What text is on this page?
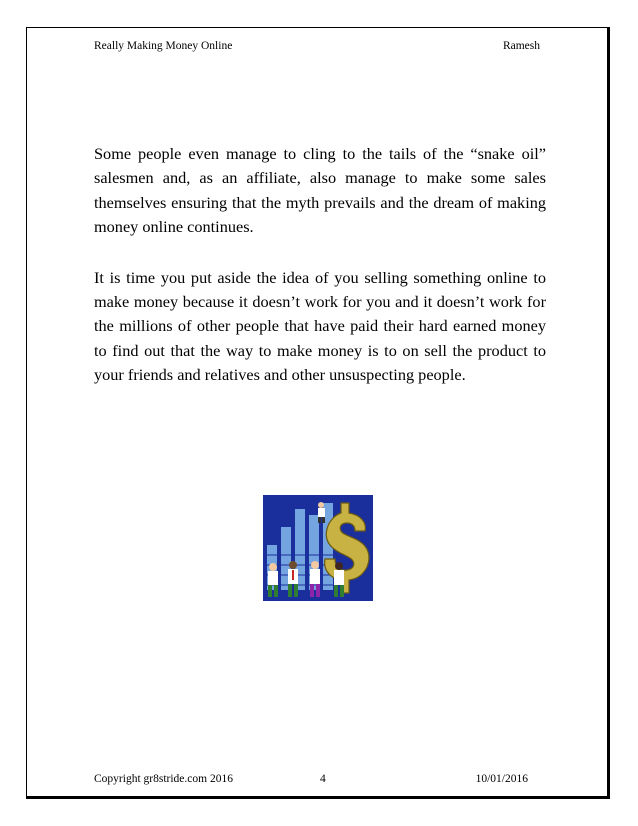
Really Making Money Online	Ramesh

Some people even manage to cling to the tails of the “snake oil” salesmen and, as an affiliate, also manage to make some sales themselves ensuring that the myth prevails and the dream of making money online continues.

It is time you put aside the idea of you selling something online to make money because it doesn’t work for you and it doesn’t work for the millions of other people that have paid their hard earned money to find out that the way to make money is to on sell the product to your friends and relatives and other unsuspecting people.

Copyright gr8stride.com 2016	4	10/01/2016
